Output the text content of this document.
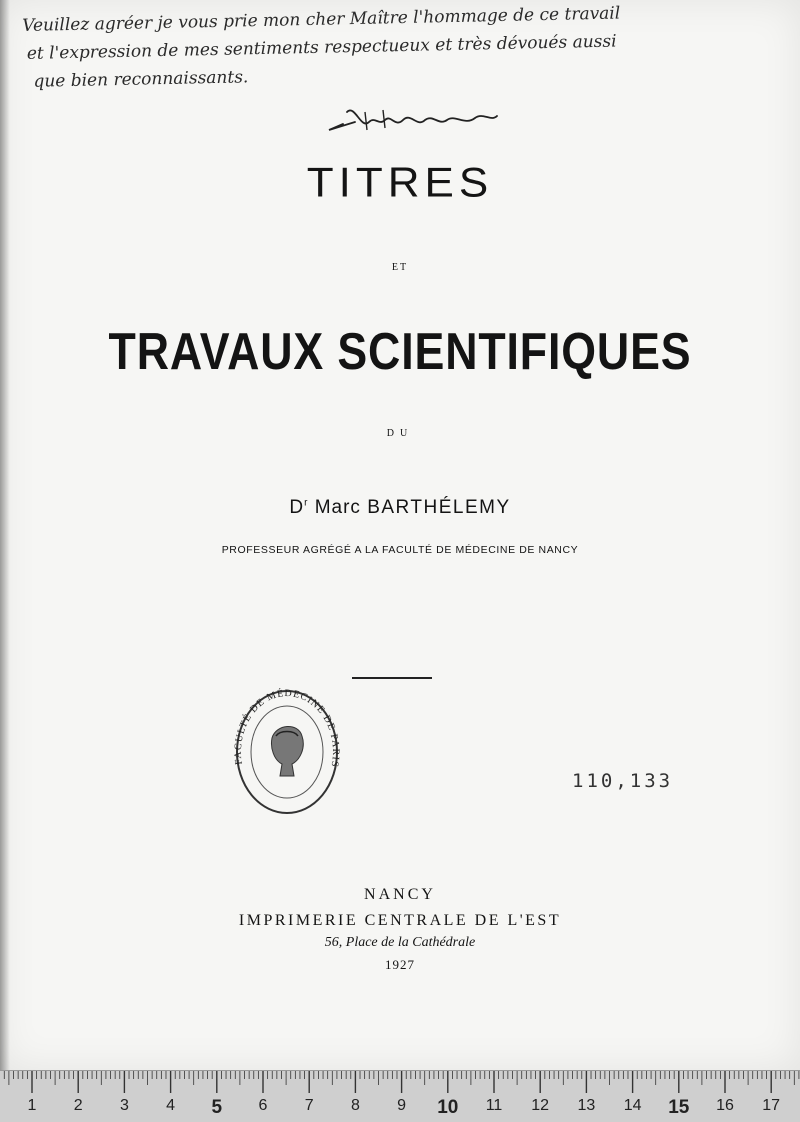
Veuillez agréer je vous prie mon cher Maître l'hommage de ce travail
et l'expression de mes sentiments respectueux et très dévoués aussi
que bien reconnaissants.
TITRES
ET
TRAVAUX SCIENTIFIQUES
DU
$D^r$ Marc BARTHÉLEMY
PROFESSEUR AGRÉGÉ A LA FACULTÉ DE MÉDECINE DE NANCY
FACULTÉ DE MÉDECINE DE PARIS
110,133
NANCY
IMPRIMERIE CENTRALE DE L'EST
56, Place de la Cathédrale
1927
1	2	3	4	5	6	7	8	9	10 11 12 13 14 15 16 17
